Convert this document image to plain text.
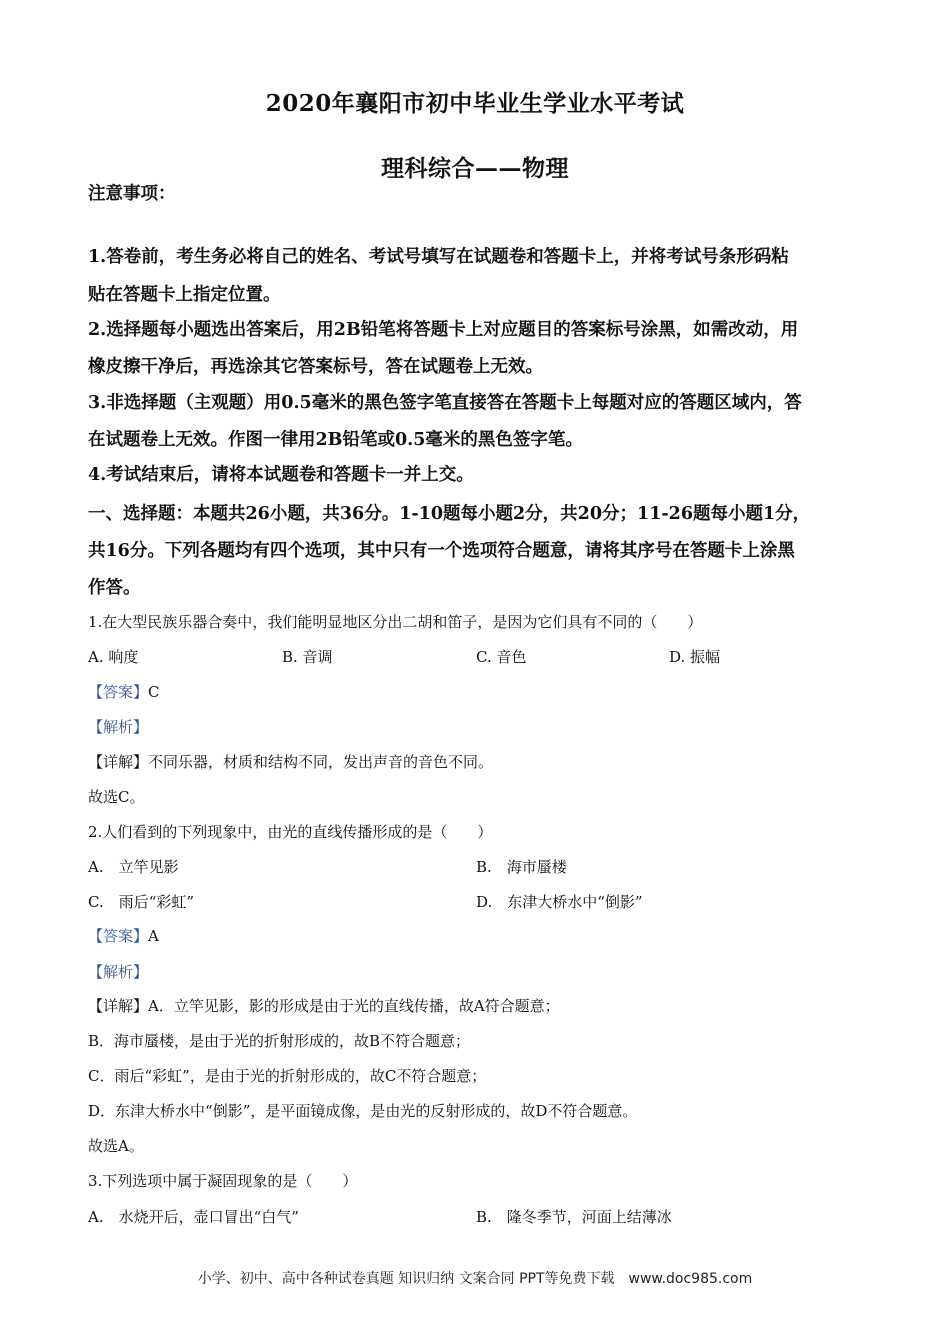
2020年襄阳市初中毕业生学业水平考试
理科综合——物理
注意事项：
1.答卷前，考生务必将自己的姓名、考试号填写在试题卷和答题卡上，并将考试号条形码粘
贴在答题卡上指定位置。
2.选择题每小题选出答案后，用2B铅笔将答题卡上对应题目的答案标号涂黑，如需改动，用
橡皮擦干净后，再选涂其它答案标号，答在试题卷上无效。
3.非选择题（主观题）用0.5毫米的黑色签字笔直接答在答题卡上每题对应的答题区域内，答
在试题卷上无效。作图一律用2B铅笔或0.5毫米的黑色签字笔。
4.考试结束后，请将本试题卷和答题卡一并上交。
一、选择题：本题共26小题，共36分。1-10题每小题2分，共20分；11-26题每小题1分，
共16分。下列各题均有四个选项，其中只有一个选项符合题意，请将其序号在答题卡上涂黑
作答。
1.在大型民族乐器合奏中，我们能明显地区分出二胡和笛子，是因为它们具有不同的（　　）
A. 响度	B. 音调	C. 音色	D. 振幅
【答案】C
【解析】
【详解】不同乐器，材质和结构不同，发出声音的音色不同。
故选C。
2.人们看到的下列现象中，由光的直线传播形成的是（　　）
A.　立竿见影	B.　海市蜃楼
C.　雨后“彩虹”	D.　东津大桥水中“倒影”
【答案】A
【解析】
【详解】A．立竿见影，影的形成是由于光的直线传播，故A符合题意；
B．海市蜃楼，是由于光的折射形成的，故B不符合题意；
C．雨后“彩虹”，是由于光的折射形成的，故C不符合题意；
D．东津大桥水中“倒影”，是平面镜成像，是由光的反射形成的，故D不符合题意。
故选A。
3.下列选项中属于凝固现象的是（　　）
A.　水烧开后，壶口冒出“白气”	B.　隆冬季节，河面上结薄冰
小学、初中、高中各种试卷真题 知识归纳 文案合同 PPT等免费下载　www.doc985.com
